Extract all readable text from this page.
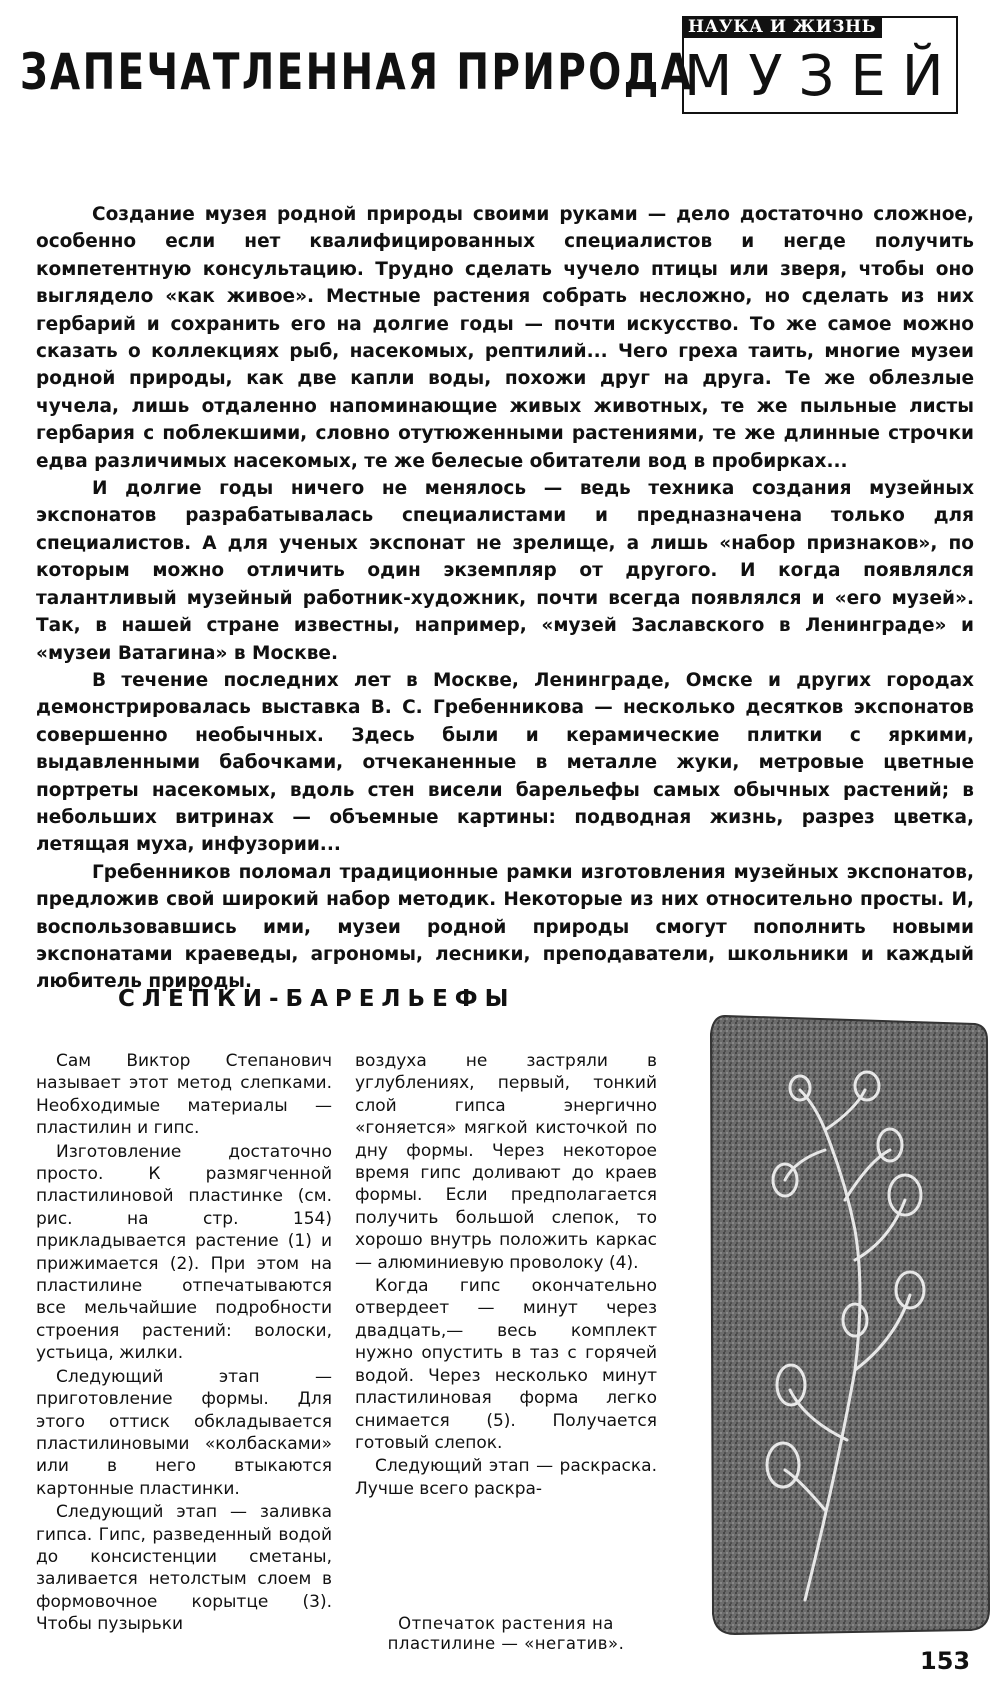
ЗАПЕЧАТЛЕННАЯ ПРИРОДА
НАУКА И ЖИЗНЬ
МУЗЕЙ

Создание музея родной природы своими руками — дело достаточно сложное, особенно если нет квалифицированных специалистов и негде получить компетентную консультацию. Трудно сделать чучело птицы или зверя, чтобы оно выглядело «как живое». Местные растения собрать несложно, но сделать из них гербарий и сохранить его на долгие годы — почти искусство. То же самое можно сказать о коллекциях рыб, насекомых, рептилий... Чего греха таить, многие музеи родной природы, как две капли воды, похожи друг на друга. Те же облезлые чучела, лишь отдаленно напоминающие живых животных, те же пыльные листы гербария с поблекшими, словно отутюженными растениями, те же длинные строчки едва различимых насекомых, те же белесые обитатели вод в пробирках...

И долгие годы ничего не менялось — ведь техника создания музейных экспонатов разрабатывалась специалистами и предназначена только для специалистов. А для ученых экспонат не зрелище, а лишь «набор признаков», по которым можно отличить один экземпляр от другого. И когда появлялся талантливый музейный работник-художник, почти всегда появлялся и «его музей». Так, в нашей стране известны, например, «музей Заславского в Ленинграде» и «музеи Ватагина» в Москве.

В течение последних лет в Москве, Ленинграде, Омске и других городах демонстрировалась выставка В. С. Гребенникова — несколько десятков экспонатов совершенно необычных. Здесь были и керамические плитки с яркими, выдавленными бабочками, отчеканенные в металле жуки, метровые цветные портреты насекомых, вдоль стен висели барельефы самых обычных растений; в небольших витринах — объемные картины: подводная жизнь, разрез цветка, летящая муха, инфузории...

Гребенников поломал традиционные рамки изготовления музейных экспонатов, предложив свой широкий набор методик. Некоторые из них относительно просты. И, воспользовавшись ими, музеи родной природы смогут пополнить новыми экспонатами краеведы, агрономы, лесники, преподаватели, школьники и каждый любитель природы.

СЛЕПКИ-БАРЕЛЬЕФЫ

Сам Виктор Степанович называет этот метод слепками. Необходимые материалы — пластилин и гипс.

Изготовление достаточно просто. К размягченной пластилиновой пластинке (см. рис. на стр. 154) прикладывается растение (1) и прижимается (2). При этом на пластилине отпечатываются все мельчайшие подробности строения растений: волоски, устьица, жилки.

Следующий этап — приготовление формы. Для этого оттиск обкладывается пластилиновыми «колбасками» или в него втыкаются картонные пластинки.

Следующий этап — заливка гипса. Гипс, разведенный водой до консистенции сметаны, заливается нетолстым слоем в формовочное корытце (3). Чтобы пузырьки

воздуха не застряли в углублениях, первый, тонкий слой гипса энергично «гоняется» мягкой кисточкой по дну формы. Через некоторое время гипс доливают до краев формы. Если предполагается получить большой слепок, то хорошо внутрь положить каркас — алюминиевую проволоку (4).

Когда гипс окончательно отвердеет — минут через двадцать,— весь комплект нужно опустить в таз с горячей водой. Через несколько минут пластилиновая форма легко снимается (5). Получается готовый слепок.

Следующий этап — раскраска. Лучше всего раскра-

Отпечаток растения на пластилине — «негатив».
153
